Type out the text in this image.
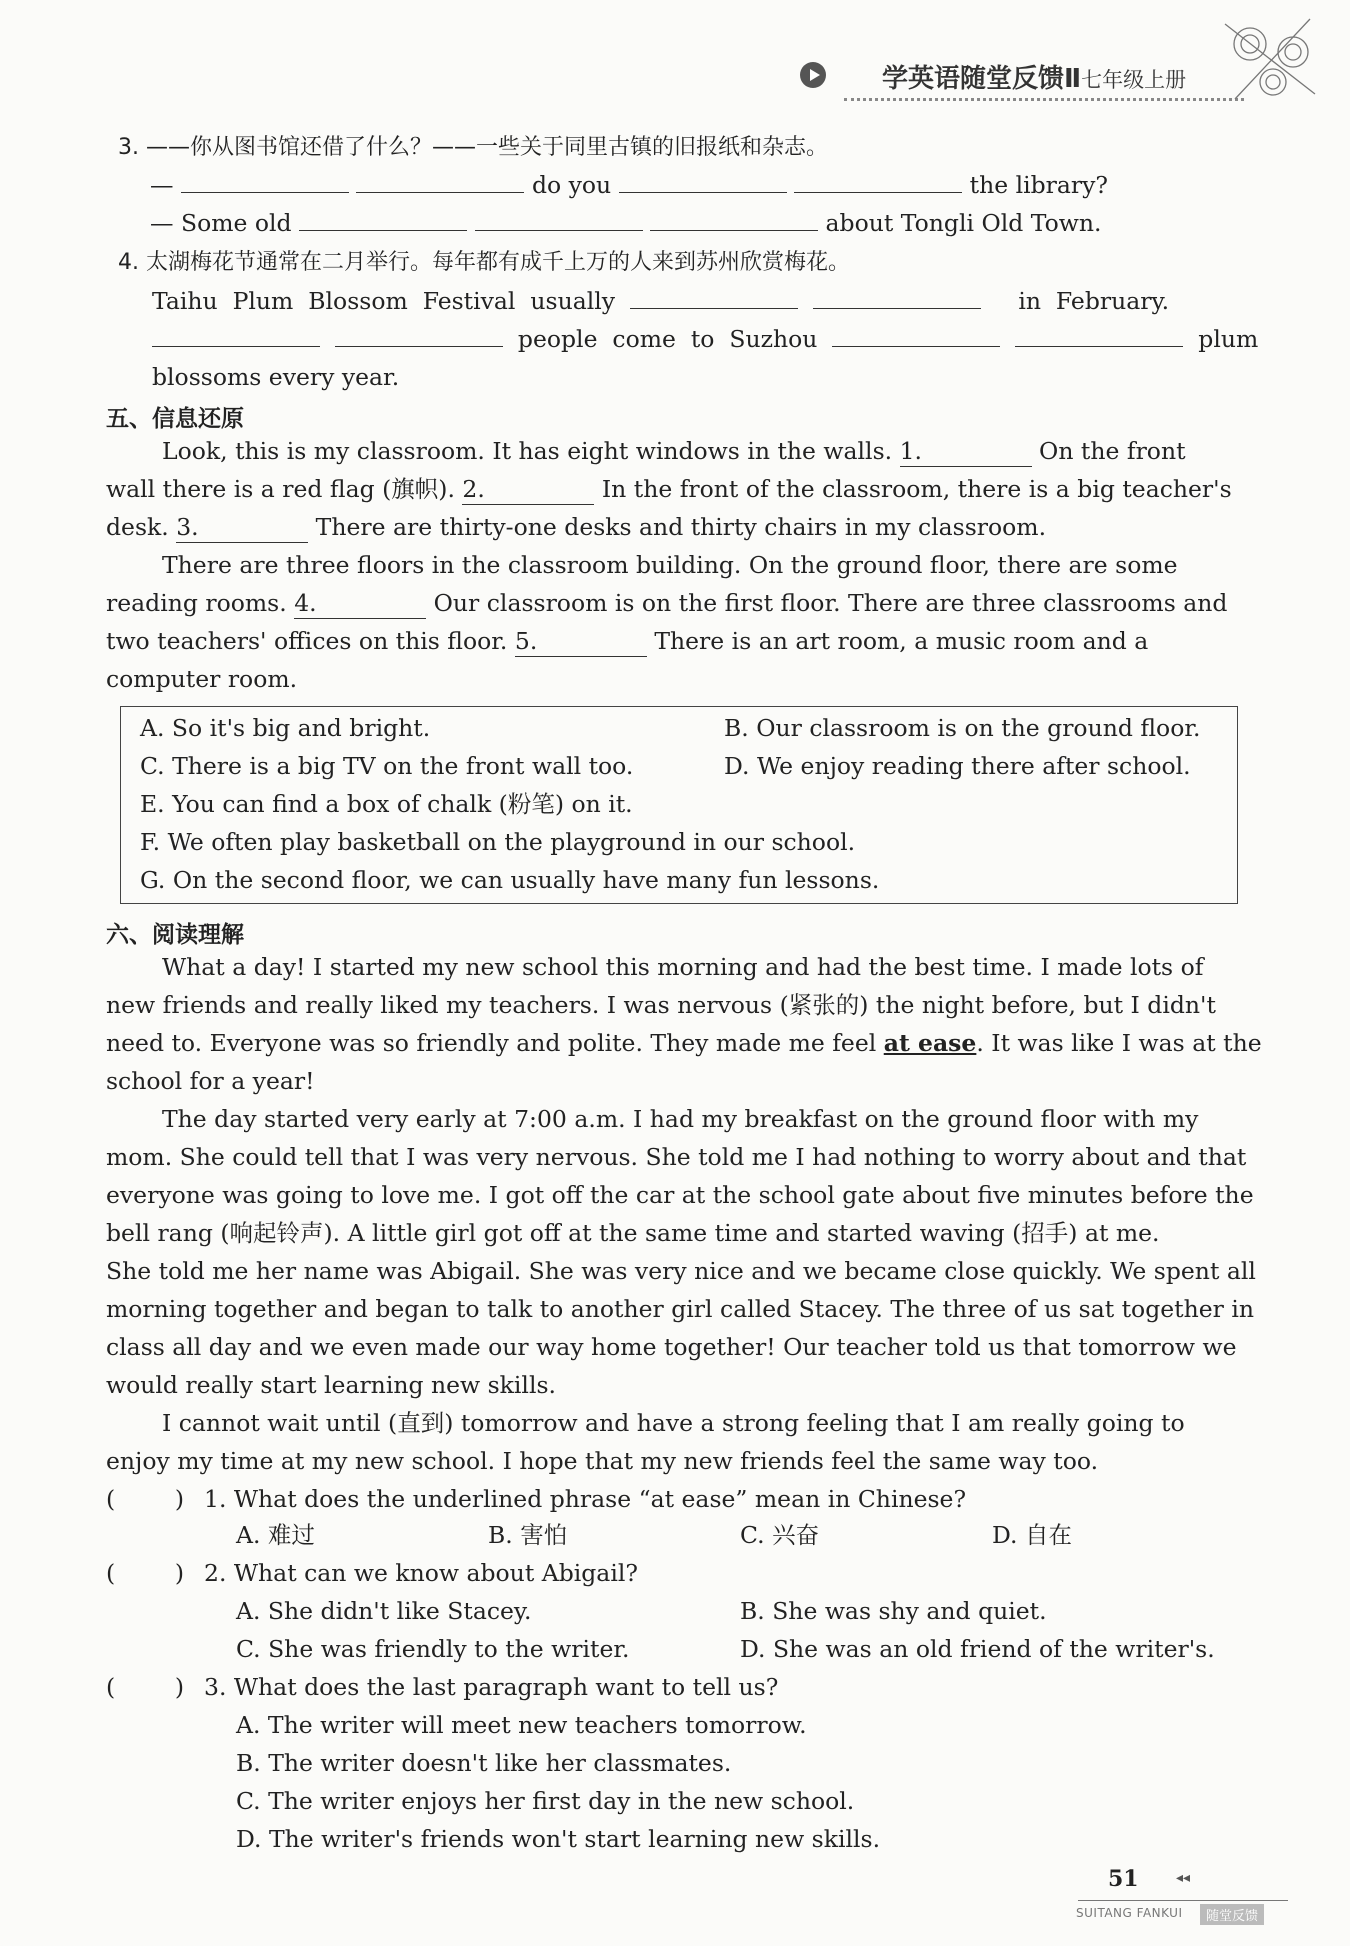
学英语随堂反馈Ⅱ七年级上册
3. ——你从图书馆还借了什么？——一些关于同里古镇的旧报纸和杂志。
—	do you	the library?
— Some old	about Tongli Old Town.
4. 太湖梅花节通常在二月举行。每年都有成千上万的人来到苏州欣赏梅花。
Taihu  Plum  Blossom  Festival  usually	in  February.
people  come  to  Suzhou	plum
blossoms every year.
五、信息还原
Look, this is my classroom. It has eight windows in the walls. 1.	On the front
wall there is a red flag (旗帜). 2.	In the front of the classroom, there is a big teacher's
desk. 3.	There are thirty-one desks and thirty chairs in my classroom.
There are three floors in the classroom building. On the ground floor, there are some
reading rooms. 4.	Our classroom is on the first floor. There are three classrooms and
two teachers' offices on this floor. 5.	There is an art room, a music room and a
computer room.
A. So it's big and bright.	B. Our classroom is on the ground floor.
C. There is a big TV on the front wall too.	D. We enjoy reading there after school.
E. You can find a box of chalk (粉笔) on it.
F. We often play basketball on the playground in our school.
G. On the second floor, we can usually have many fun lessons.
六、阅读理解
What a day! I started my new school this morning and had the best time. I made lots of
new friends and really liked my teachers. I was nervous (紧张的) the night before, but I didn't
need to. Everyone was so friendly and polite. They made me feel at ease. It was like I was at the
school for a year!
The day started very early at 7:00 a.m. I had my breakfast on the ground floor with my
mom. She could tell that I was very nervous. She told me I had nothing to worry about and that
everyone was going to love me. I got off the car at the school gate about five minutes before the
bell rang (响起铃声). A little girl got off at the same time and started waving (招手) at me.
She told me her name was Abigail. She was very nice and we became close quickly. We spent all
morning together and began to talk to another girl called Stacey. The three of us sat together in
class all day and we even made our way home together! Our teacher told us that tomorrow we
would really start learning new skills.
I cannot wait until (直到) tomorrow and have a strong feeling that I am really going to
enjoy my time at my new school. I hope that my new friends feel the same way too.
(        ) 1. What does the underlined phrase “at ease” mean in Chinese?
A. 难过	B. 害怕	C. 兴奋	D. 自在
(        ) 2. What can we know about Abigail?
A. She didn't like Stacey.	B. She was shy and quiet.
C. She was friendly to the writer.	D. She was an old friend of the writer's.
(        ) 3. What does the last paragraph want to tell us?
A. The writer will meet new teachers tomorrow.
B. The writer doesn't like her classmates.
C. The writer enjoys her first day in the new school.
D. The writer's friends won't start learning new skills.
51	◂◂
SUITANG FANKUI	随堂反馈
